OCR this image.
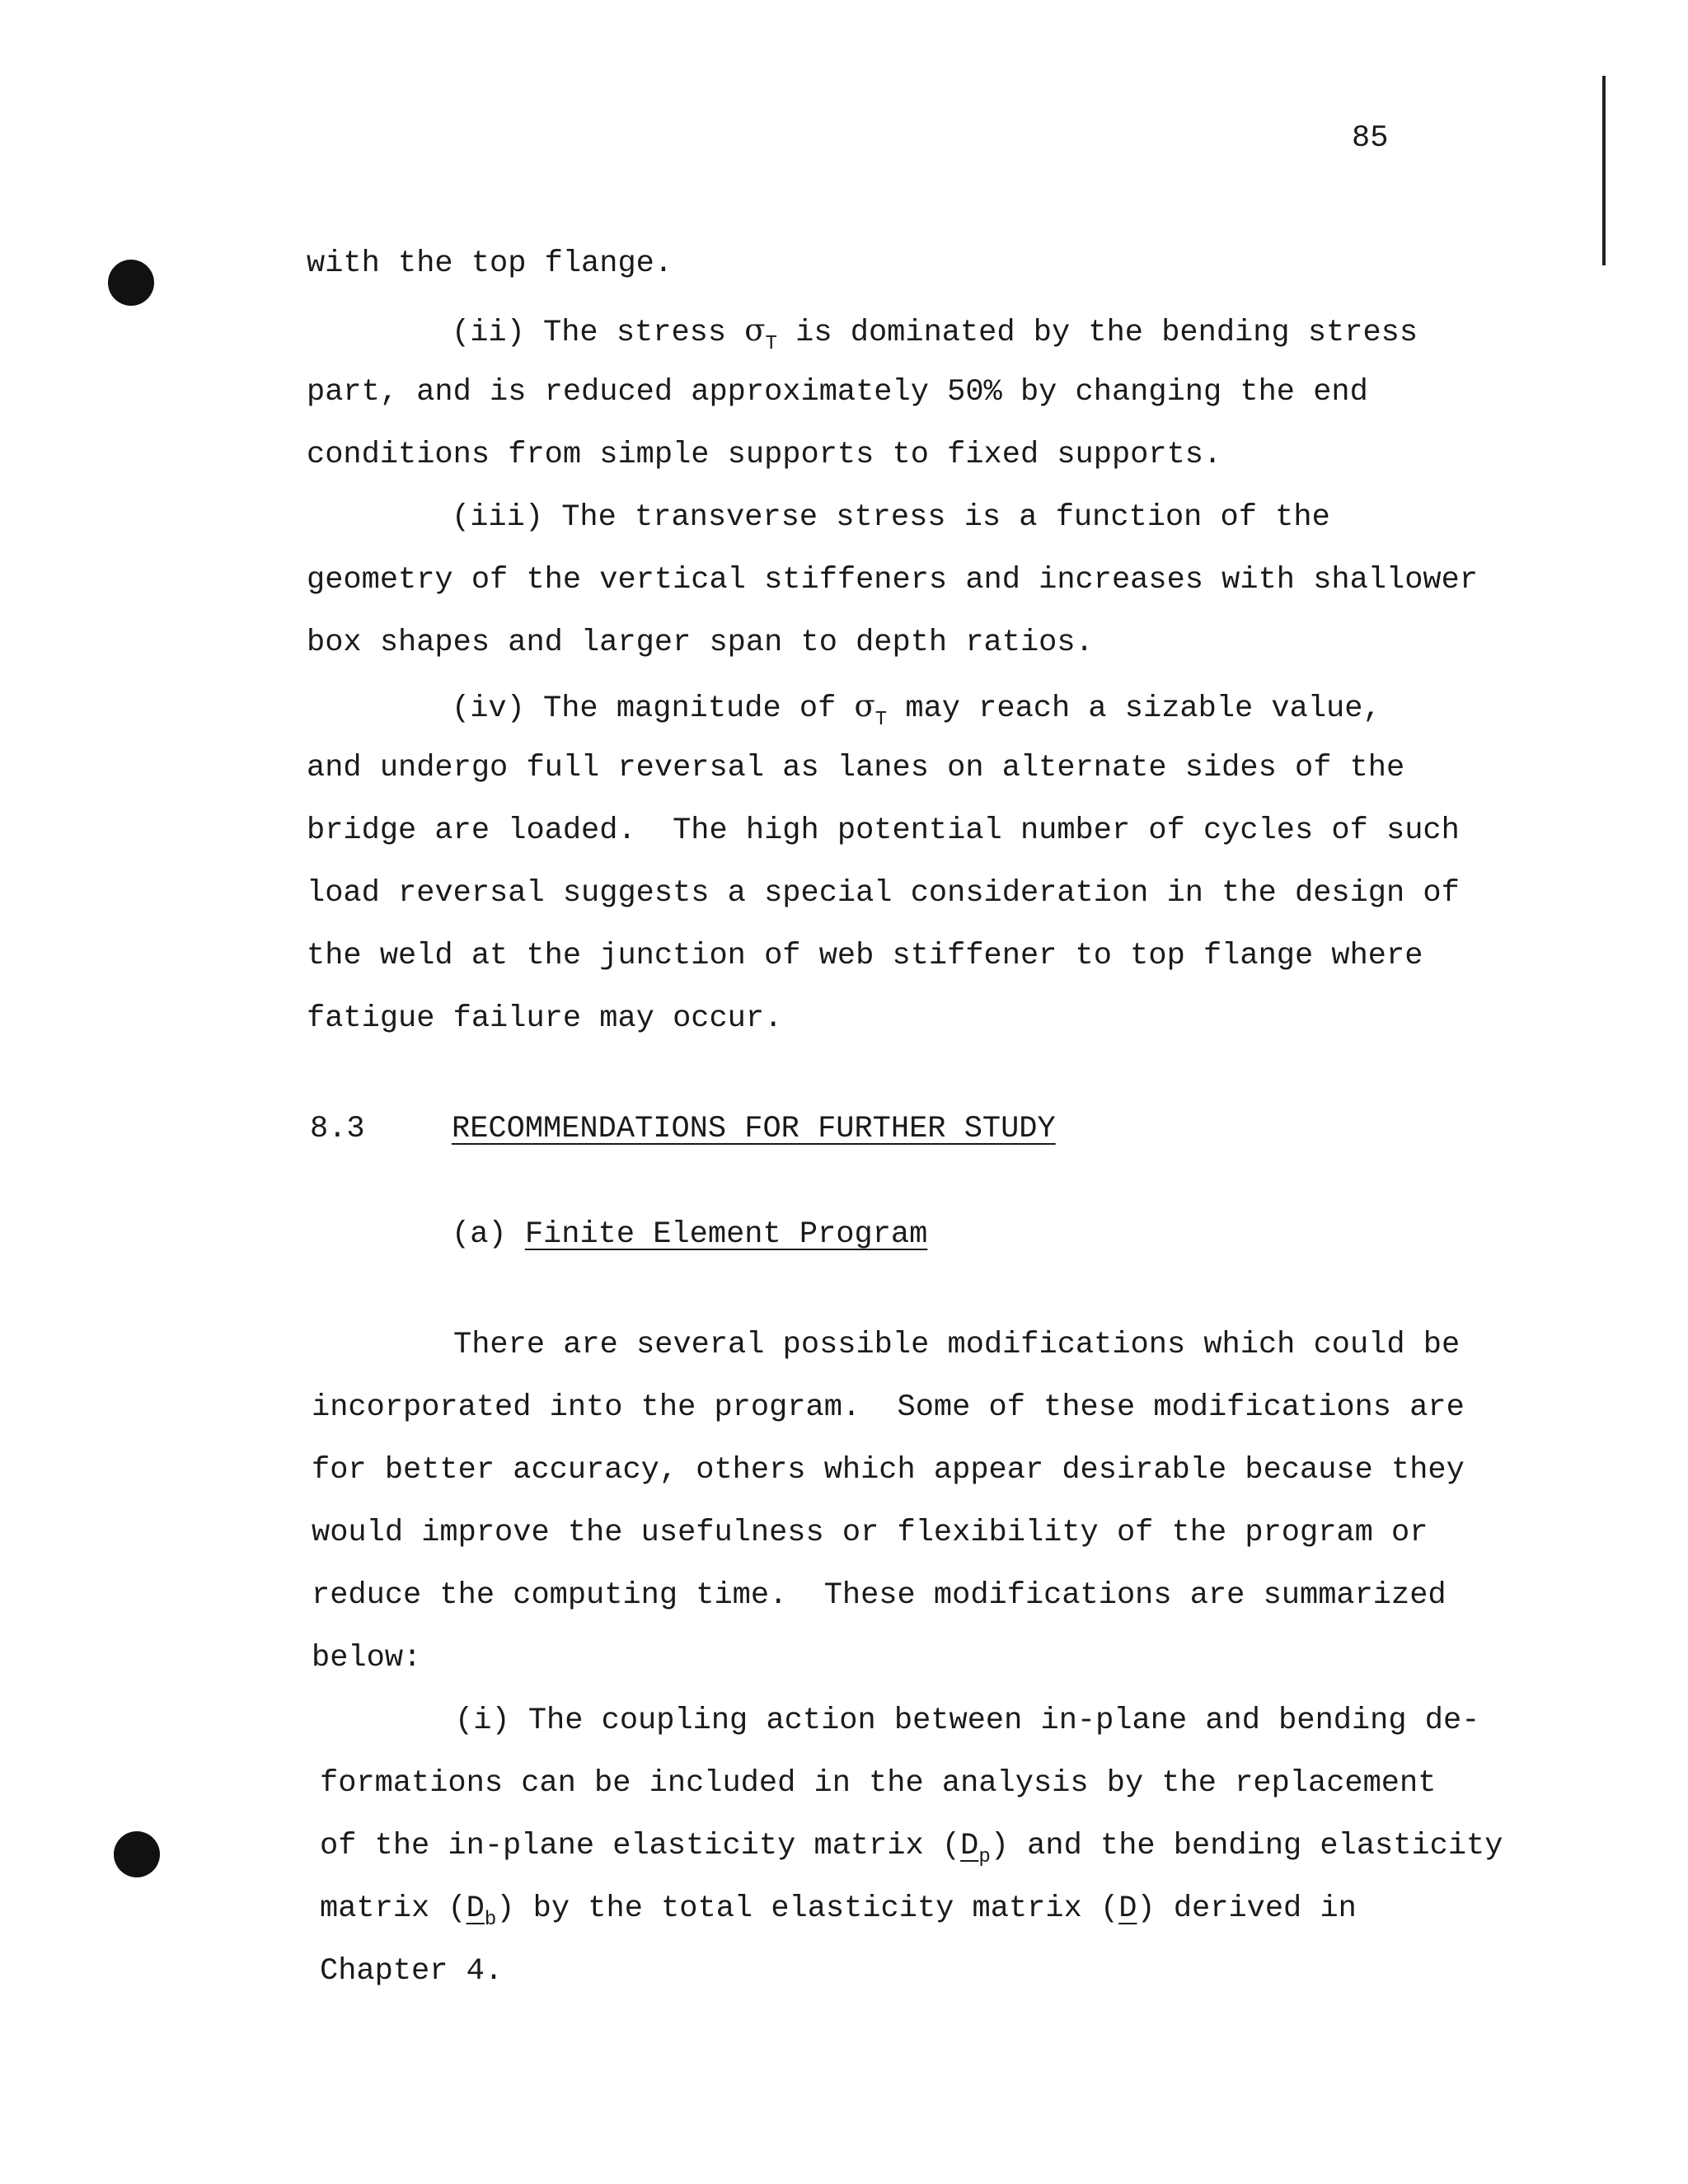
85
with the top flange.
(ii) The stress $\sigma_T$ is dominated by the bending stress
part, and is reduced approximately 50% by changing the end
conditions from simple supports to fixed supports.
(iii) The transverse stress is a function of the
geometry of the vertical stiffeners and increases with shallower
box shapes and larger span to depth ratios.
(iv) The magnitude of $\sigma_T$ may reach a sizable value,
and undergo full reversal as lanes on alternate sides of the
bridge are loaded.  The high potential number of cycles of such
load reversal suggests a special consideration in the design of
the weld at the junction of web stiffener to top flange where
fatigue failure may occur.
8.3	RECOMMENDATIONS FOR FURTHER STUDY
(a) Finite Element Program
There are several possible modifications which could be
incorporated into the program.  Some of these modifications are
for better accuracy, others which appear desirable because they
would improve the usefulness or flexibility of the program or
reduce the computing time.  These modifications are summarized
below:
(i) The coupling action between in-plane and bending de-
formations can be included in the analysis by the replacement
of the in-plane elasticity matrix $(D_p)$ and the bending elasticity
matrix $(D_b)$ by the total elasticity matrix (D) derived in
Chapter 4.
